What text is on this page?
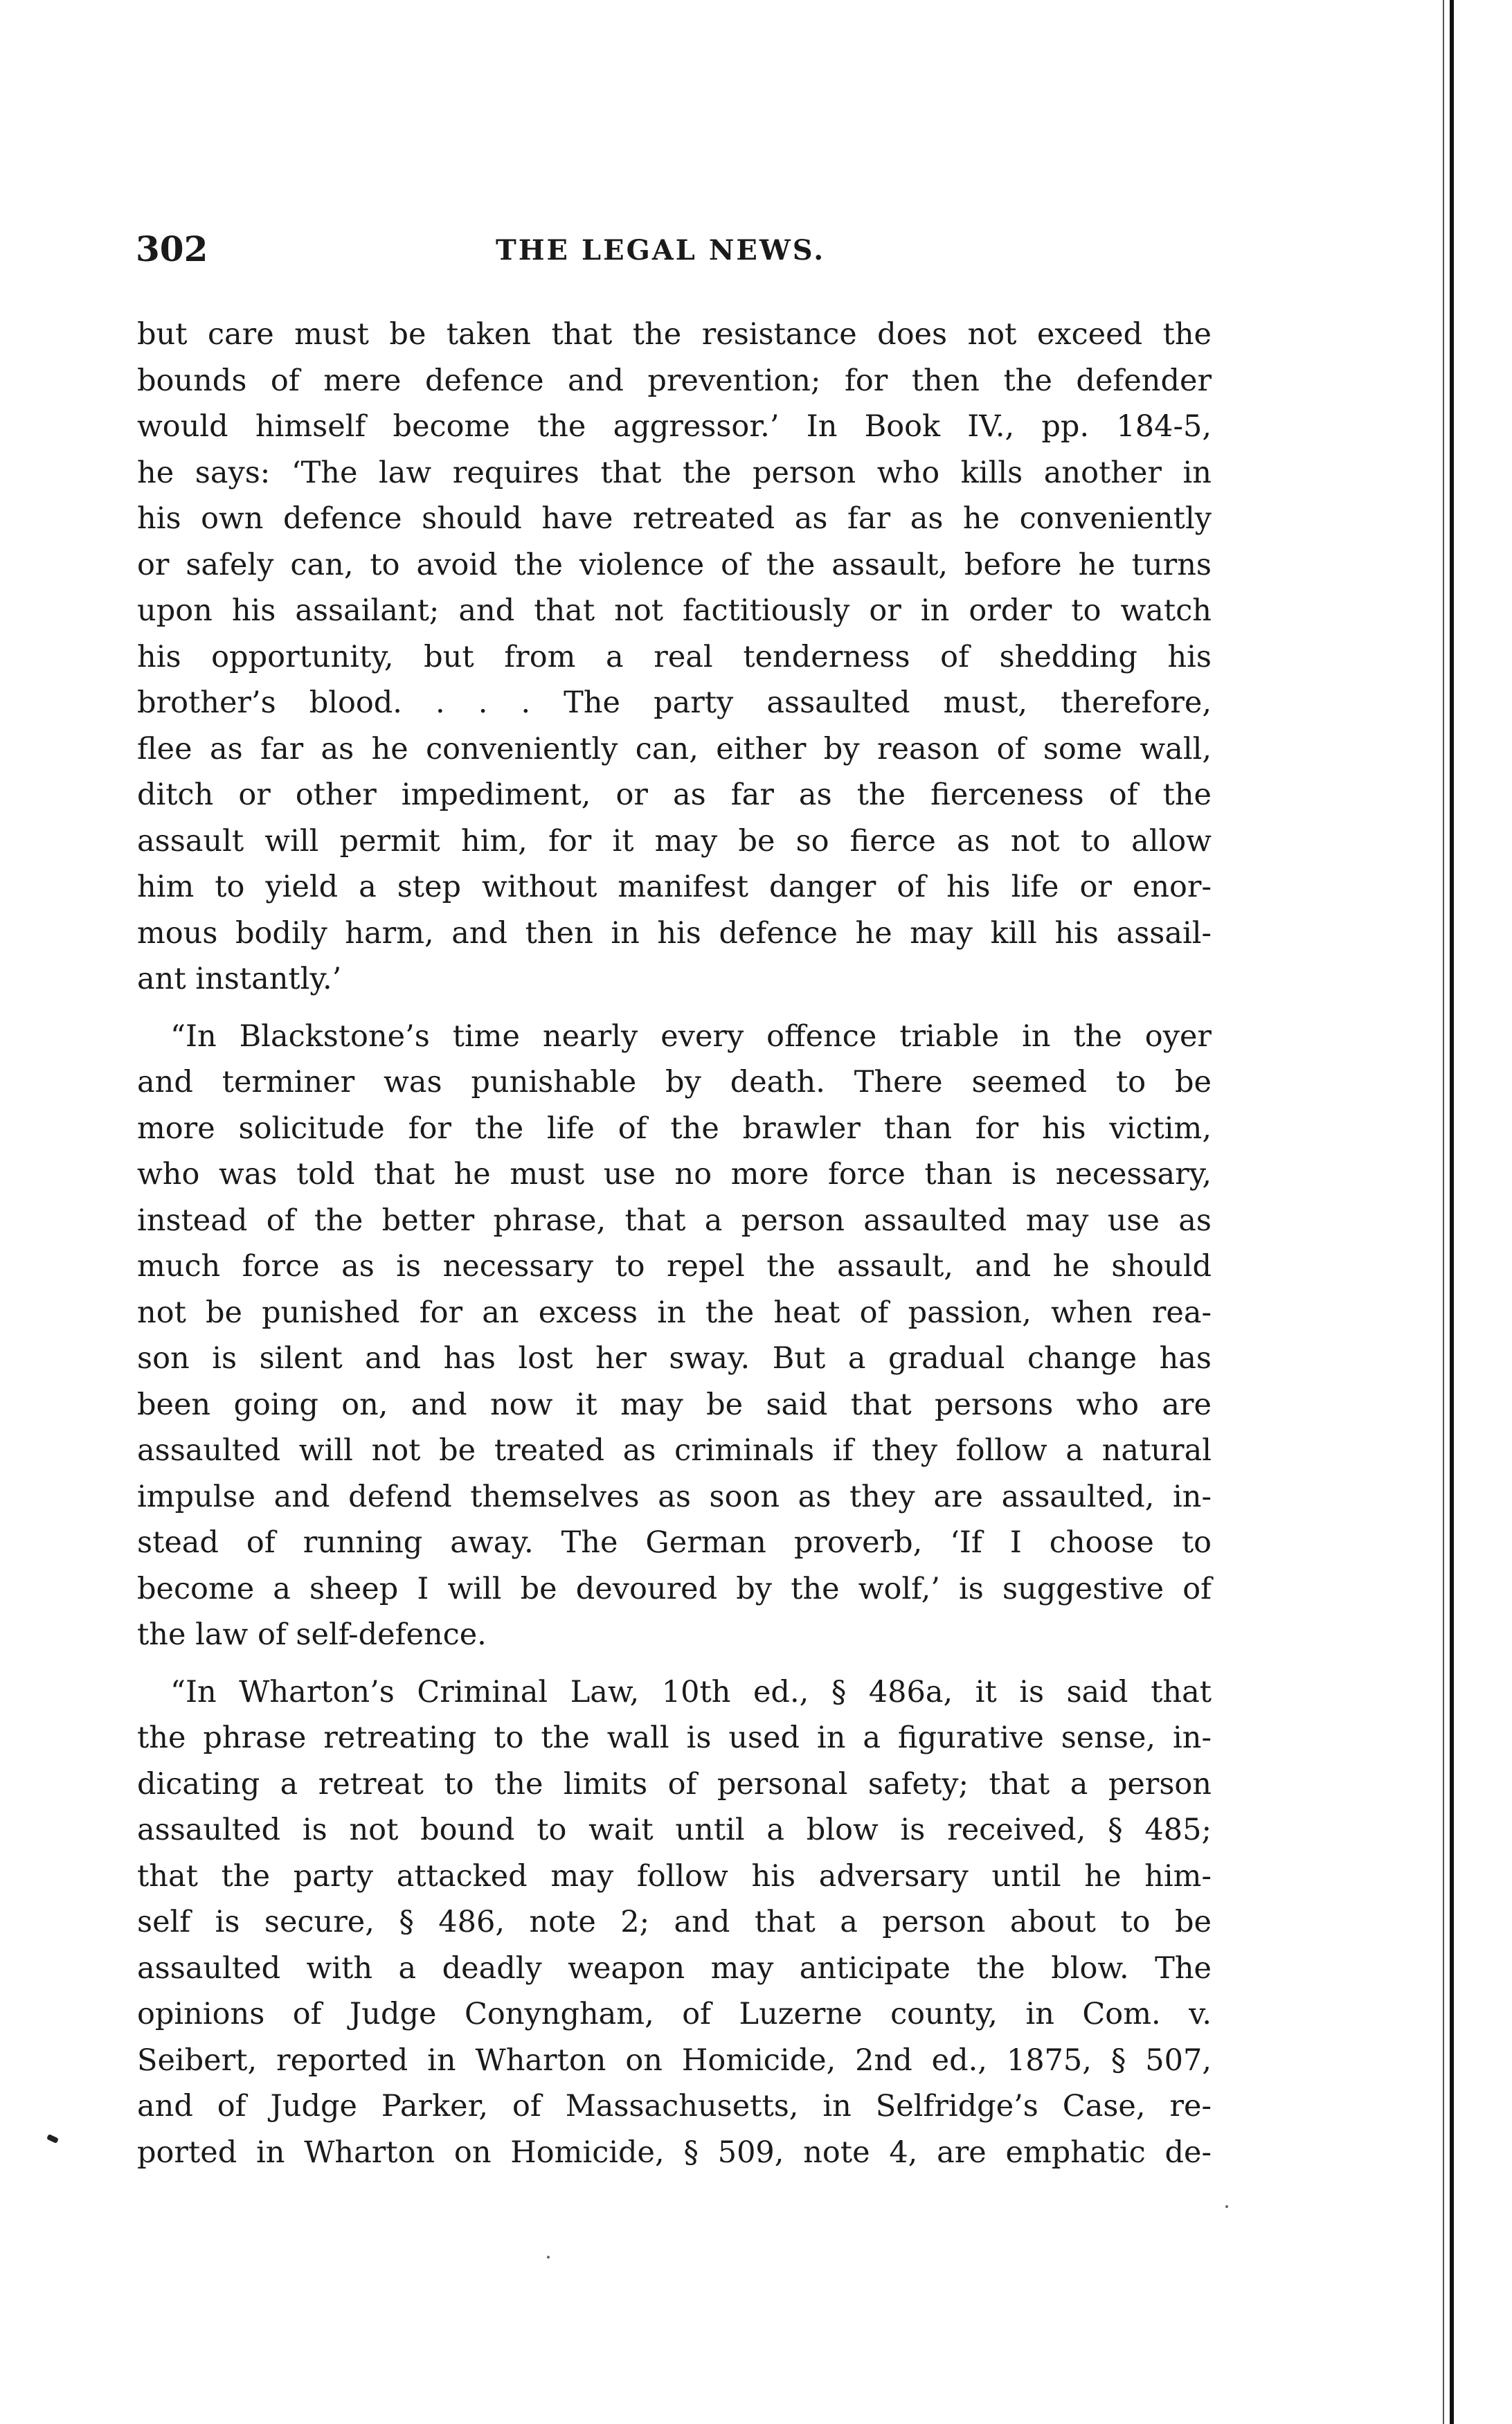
302	THE LEGAL NEWS.
but care must be taken that the resistance does not exceed the
bounds of mere defence and prevention; for then the defender
would himself become the aggressor.’ In Book IV., pp. 184-5,
he says: ‘The law requires that the person who kills another in
his own defence should have retreated as far as he conveniently
or safely can, to avoid the violence of the assault, before he turns
upon his assailant; and that not factitiously or in order to watch
his opportunity, but from a real tenderness of shedding his
brother’s blood. . . . The party assaulted must, therefore,
flee as far as he conveniently can, either by reason of some wall,
ditch or other impediment, or as far as the fierceness of the
assault will permit him, for it may be so fierce as not to allow
him to yield a step without manifest danger of his life or enor-
mous bodily harm, and then in his defence he may kill his assail-
ant instantly.’
“In Blackstone’s time nearly every offence triable in the oyer
and terminer was punishable by death. There seemed to be
more solicitude for the life of the brawler than for his victim,
who was told that he must use no more force than is necessary,
instead of the better phrase, that a person assaulted may use as
much force as is necessary to repel the assault, and he should
not be punished for an excess in the heat of passion, when rea-
son is silent and has lost her sway. But a gradual change has
been going on, and now it may be said that persons who are
assaulted will not be treated as criminals if they follow a natural
impulse and defend themselves as soon as they are assaulted, in-
stead of running away. The German proverb, ‘If I choose to
become a sheep I will be devoured by the wolf,’ is suggestive of
the law of self-defence.
“In Wharton’s Criminal Law, 10th ed., § 486a, it is said that
the phrase retreating to the wall is used in a figurative sense, in-
dicating a retreat to the limits of personal safety; that a person
assaulted is not bound to wait until a blow is received, § 485;
that the party attacked may follow his adversary until he him-
self is secure, § 486, note 2; and that a person about to be
assaulted with a deadly weapon may anticipate the blow. The
opinions of Judge Conyngham, of Luzerne county, in Com. v.
Seibert, reported in Wharton on Homicide, 2nd ed., 1875, § 507,
and of Judge Parker, of Massachusetts, in Selfridge’s Case, re-
ported in Wharton on Homicide, § 509, note 4, are emphatic de-
